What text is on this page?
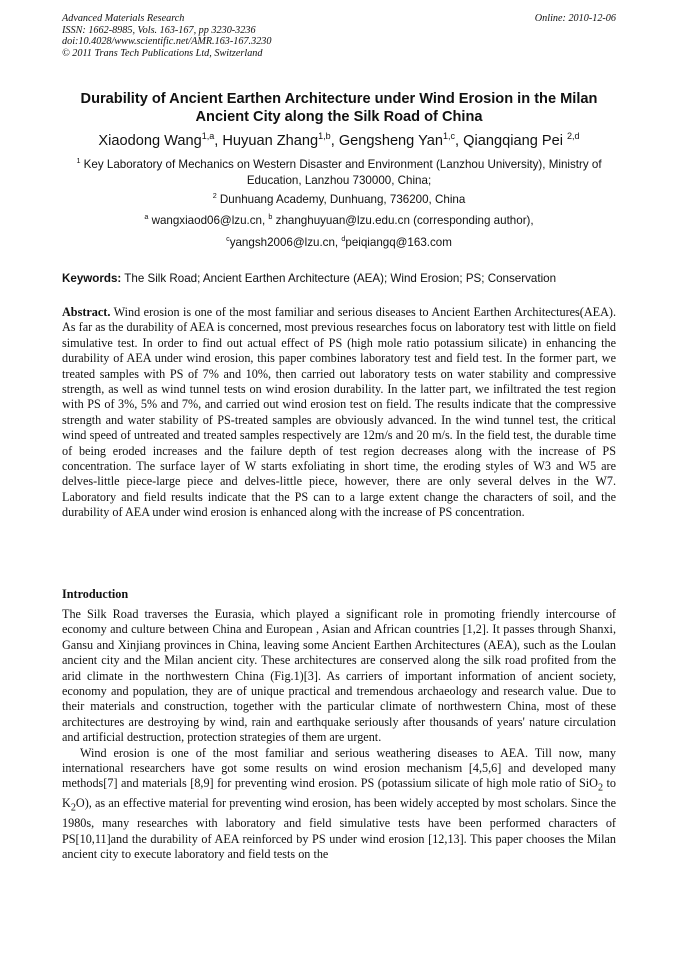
Advanced Materials Research
ISSN: 1662-8985, Vols. 163-167, pp 3230-3236
doi:10.4028/www.scientific.net/AMR.163-167.3230
© 2011 Trans Tech Publications Ltd, Switzerland
Online: 2010-12-06
Durability of Ancient Earthen Architecture under Wind Erosion in the Milan Ancient City along the Silk Road of China
Xiaodong Wang$^{1,a}$, Huyuan Zhang$^{1,b}$, Gengsheng Yan$^{1,c}$, Qiangqiang Pei $^{2,d}$
$^1$ Key Laboratory of Mechanics on Western Disaster and Environment (Lanzhou University), Ministry of Education, Lanzhou 730000, China;
$^2$ Dunhuang Academy, Dunhuang, 736200, China
$^a$ wangxiaod06@lzu.cn, $^b$ zhanghuyuan@lzu.edu.cn (corresponding author),
$^c$yangsh2006@lzu.cn, $^d$peiqiangq@163.com
Keywords: The Silk Road; Ancient Earthen Architecture (AEA); Wind Erosion; PS; Conservation
Abstract. Wind erosion is one of the most familiar and serious diseases to Ancient Earthen Architectures(AEA). As far as the durability of AEA is concerned, most previous researches focus on laboratory test with little on field simulative test. In order to find out actual effect of PS (high mole ratio potassium silicate) in enhancing the durability of AEA under wind erosion, this paper combines laboratory test and field test. In the former part, we treated samples with PS of 7% and 10%, then carried out laboratory tests on water stability and compressive strength, as well as wind tunnel tests on wind erosion durability. In the latter part, we infiltrated the test region with PS of 3%, 5% and 7%, and carried out wind erosion test on field. The results indicate that the compressive strength and water stability of PS-treated samples are obviously advanced. In the wind tunnel test, the critical wind speed of untreated and treated samples respectively are 12m/s and 20 m/s. In the field test, the durable time of being eroded increases and the failure depth of test region decreases along with the increase of PS concentration. The surface layer of W starts exfoliating in short time, the eroding styles of W3 and W5 are delves-little piece-large piece and delves-little piece, however, there are only several delves in the W7. Laboratory and field results indicate that the PS can to a large extent change the characters of soil, and the durability of AEA under wind erosion is enhanced along with the increase of PS concentration.
Introduction

The Silk Road traverses the Eurasia, which played a significant role in promoting friendly intercourse of economy and culture between China and European , Asian and African countries [1,2]. It passes through Shanxi, Gansu and Xinjiang provinces in China, leaving some Ancient Earthen Architectures (AEA), such as the Loulan ancient city and the Milan ancient city. These architectures are conserved along the silk road profited from the arid climate in the northwestern China (Fig.1)[3]. As carriers of important information of ancient society, economy and population, they are of unique practical and tremendous archaeology and research value. Due to their materials and construction, together with the particular climate of northwestern China, most of these architectures are destroying by wind, rain and earthquake seriously after thousands of years' nature circulation and artificial destruction, protection strategies of them are urgent.

Wind erosion is one of the most familiar and serious weathering diseases to AEA. Till now, many international researchers have got some results on wind erosion mechanism [4,5,6] and developed many methods[7] and materials [8,9] for preventing wind erosion. PS (potassium silicate of high mole ratio of SiO$_2$ to $K_2O$), as an effective material for preventing wind erosion, has been widely accepted by most scholars. Since the 1980s, many researches with laboratory and field simulative tests have been performed characters of PS[10,11]and the durability of AEA reinforced by PS under wind erosion [12,13]. This paper chooses the Milan ancient city to execute laboratory and field tests on the
